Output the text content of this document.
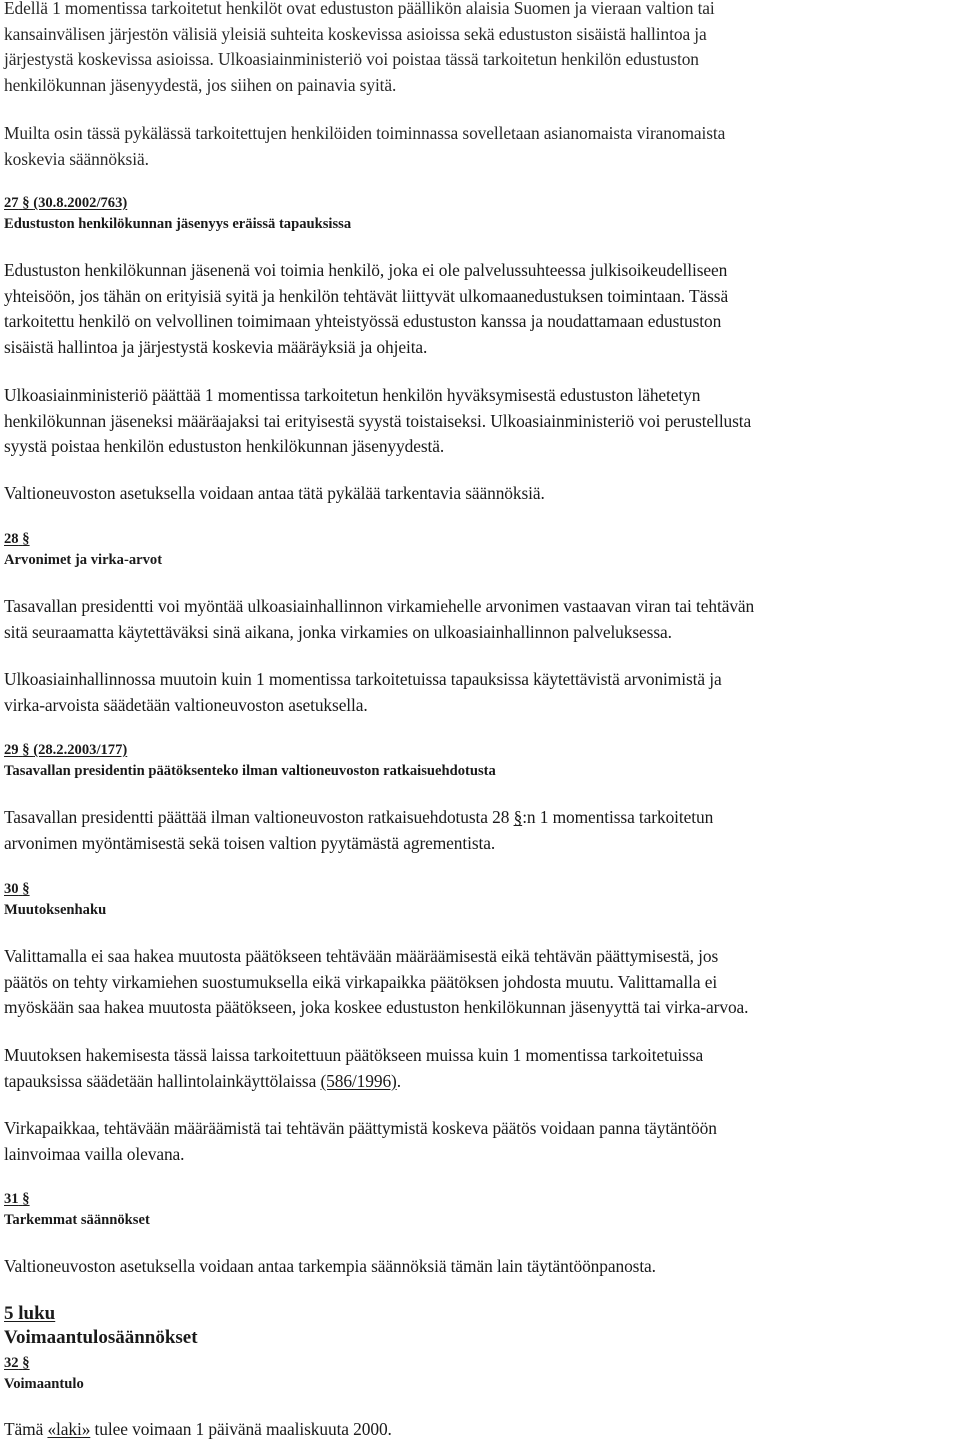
Edellä 1 momentissa tarkoitetut henkilöt ovat edustuston päällikön alaisia Suomen ja vieraan valtion tai

kansainvälisen järjestön välisiä yleisiä suhteita koskevissa asioissa sekä edustuston sisäistä hallintoa ja

järjestystä koskevissa asioissa. Ulkoasiainministeriö voi poistaa tässä tarkoitetun henkilön edustuston

henkilökunnan jäsenyydestä, jos siihen on painavia syitä.

Muilta osin tässä pykälässä tarkoitettujen henkilöiden toiminnassa sovelletaan asianomaista viranomaista

koskevia säännöksiä.

27 § (30.8.2002/763)
Edustuston henkilökunnan jäsenyys eräissä tapauksissa

Edustuston henkilökunnan jäsenenä voi toimia henkilö, joka ei ole palvelussuhteessa julkisoikeudelliseen

yhteisöön, jos tähän on erityisiä syitä ja henkilön tehtävät liittyvät ulkomaanedustuksen toimintaan. Tässä

tarkoitettu henkilö on velvollinen toimimaan yhteistyössä edustuston kanssa ja noudattamaan edustuston

sisäistä hallintoa ja järjestystä koskevia määräyksiä ja ohjeita.

Ulkoasiainministeriö päättää 1 momentissa tarkoitetun henkilön hyväksymisestä edustuston lähetetyn

henkilökunnan jäseneksi määräajaksi tai erityisestä syystä toistaiseksi. Ulkoasiainministeriö voi perustellusta

syystä poistaa henkilön edustuston henkilökunnan jäsenyydestä.

Valtioneuvoston asetuksella voidaan antaa tätä pykälää tarkentavia säännöksiä.

28 §
Arvonimet ja virka-arvot

Tasavallan presidentti voi myöntää ulkoasiainhallinnon virkamiehelle arvonimen vastaavan viran tai tehtävän

sitä seuraamatta käytettäväksi sinä aikana, jonka virkamies on ulkoasiainhallinnon palveluksessa.

Ulkoasiainhallinnossa muutoin kuin 1 momentissa tarkoitetuissa tapauksissa käytettävistä arvonimistä ja

virka-arvoista säädetään valtioneuvoston asetuksella.

29 § (28.2.2003/177)
Tasavallan presidentin päätöksenteko ilman valtioneuvoston ratkaisuehdotusta

Tasavallan presidentti päättää ilman valtioneuvoston ratkaisuehdotusta 28 §:n 1 momentissa tarkoitetun

arvonimen myöntämisestä sekä toisen valtion pyytämästä agrementista.

30 §
Muutoksenhaku

Valittamalla ei saa hakea muutosta päätökseen tehtävään määräämisestä eikä tehtävän päättymisestä, jos

päätös on tehty virkamiehen suostumuksella eikä virkapaikka päätöksen johdosta muutu. Valittamalla ei

myöskään saa hakea muutosta päätökseen, joka koskee edustuston henkilökunnan jäsenyyttä tai virka-arvoa.

Muutoksen hakemisesta tässä laissa tarkoitettuun päätökseen muissa kuin 1 momentissa tarkoitetuissa

tapauksissa säädetään hallintolainkäyttölaissa (586/1996).

Virkapaikkaa, tehtävään määräämistä tai tehtävän päättymistä koskeva päätös voidaan panna täytäntöön

lainvoimaa vailla olevana.

31 §
Tarkemmat säännökset

Valtioneuvoston asetuksella voidaan antaa tarkempia säännöksiä tämän lain täytäntöönpanosta.

5 luku
Voimaantulosäännökset
32 §
Voimaantulo

Tämä «laki» tulee voimaan 1 päivänä maaliskuuta 2000.
